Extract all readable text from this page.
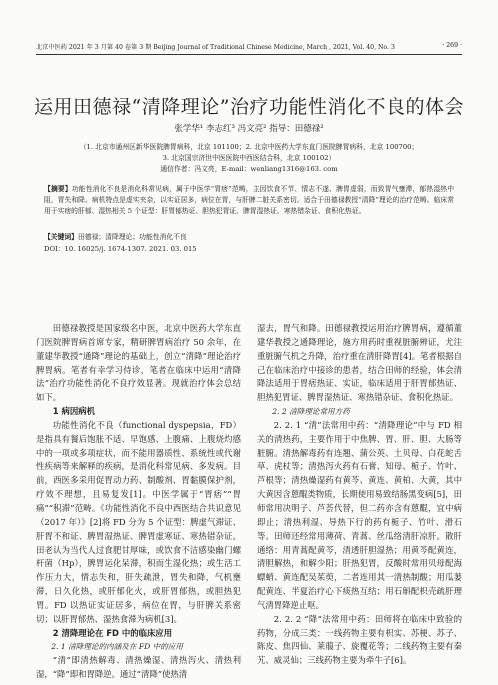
北京中医药 2021 年 3 月第 40 卷第 3 期 Beijing Journal of Traditional Chinese Medicine, March , 2021, Vol. 40, No. 3	· 269 ·
运用田德禄“清降理论”治疗功能性消化不良的体会
张学华¹ 李志红³ 冯文亮² 指导：田德禄²
（1. 北京市通州区新华医院脾胃病科，北京 101100；2. 北京中医药大学东直门医院脾胃病科，北京 100700；
3. 北京国宗济世中医医院中西医结合科，北京 100102）
通信作者：冯文亮，E-mail：wenliang1316@163. com
【摘要】功能性消化不良是消化科常见病，属于中医学“胃痞”范畴，主因饮食不节、情志不遂、脾胃虚弱，而致胃气壅滞，郁热湿热中阻，胃失和降。病机特点是虚实夹杂，以实证居多，病位在胃，与肝脾二脏关系密切。适合于田德禄教授“清降”理论的治疗范畴。临床常用于实痞的肝郁、湿热相关 5 个证型：肝胃郁热证、胆热犯胃证、脾胃湿热证、寒热错杂证、食积化热证。
【关键词】田德禄；清降理论；功能性消化不良
DOI：10. 16025/j. 1674-1307. 2021. 03. 015

田德禄教授是国家级名中医，北京中医药大学东直门医院脾胃病首席专家，精研脾胃病治疗 50 余年，在董建华教授“通降”理论的基础上，创立“清降”理论治疗脾胃病。笔者有幸学习侍诊，笔者在临床中运用“清降法”治疗功能性消化不良疗效显著。现就治疗体会总结如下。

1 病因病机

功能性消化不良（functional dyspepsia，FD）是指具有餐后饱胀不适、早饱感、上腹痛、上腹烧灼感中的一项或多项症状，而不能用器质性、系统性或代谢性疾病等来解释的疾病，是消化科常见病、多发病。目前，西医多采用促胃动力药、制酸剂、胃黏膜保护剂，疗效不理想，且易复发[1]。中医学属于“胃痞”“胃痛”“积滞”范畴。《功能性消化不良中西医结合共识意见（2017 年）》[2]将 FD 分为 5 个证型：脾虚气滞证、肝胃不和证、脾胃湿热证、脾胃虚寒证、寒热错杂证。田老认为当代人过食肥甘厚味，或饮食不洁感染幽门螺杆菌（Hp），脾胃运化呆滞，积而生湿化热；或生活工作压力大，情志失和，肝失疏泄，胃失和降，气机壅滞，日久化热，或肝郁化火，或肝胃郁热，或胆热犯胃。FD 以热证实证居多，病位在胃，与肝脾关系密切；以肝胃郁热、湿热食滞为病机[3]。

2 清降理论在 FD 中的临床应用

2. 1 清降理论的内涵及在 FD 中的应用

“清”即清热解毒、清热燥湿、清热泻火、清热利湿，“降”即和胃降逆。通过“清降”使热清

湿去，胃气和降。田德禄教授运用治疗脾胃病，遵循董建华教授之通降理论，施方用药时重视脏腑辨证，尤注重脏腑气机之升降，治疗重在清肝降胃[4]。笔者根据自己在临床治疗中接诊的患者，结合田师的经验，体会清降法适用于胃痞热证、实证，临床适用于肝胃郁热证、胆热犯胃证、脾胃湿热证、寒热错杂证、食积化热证。

2. 2 清降理论常用方药

2. 2. 1 “清”法常用中药：“清降理论”中与 FD 相关的清热药，主要作用于中焦脾、胃、肝、胆、大肠等脏腑。清热解毒药有连翘、蒲公英、土贝母、白花蛇舌草、虎杖等；清热泻火药有石膏、知母、栀子、竹叶、芦根等；清热燥湿药有黄芩、黄连、黄柏、大黄，其中大黄因含蒽醌类物质，长期使用易致结肠黑变病[5]，田师常用决明子、芦荟代替，但二药亦含有蒽醌，宜中病即止；清热利湿、导热下行的药有栀子、竹叶、滑石等。田师还经常用薄荷、青蒿、丝瓜络清肝凉肝。散肝通络：用青蒿配黄芩，清透肝胆湿热；用黄芩配黄连，清胆解热，和解少阳；肝热犯胃，反酸时常用贝母配海螵蛸、黄连配吴茱萸，二者连用其一清热制酸；用瓜蒌配黄连、半夏治疗心下痰热互结；用石斛配枳壳疏肝理气清胃降逆止呕。

2. 2. 2 “降”法常用中药：田师将在临床中致验的药物，分成三类：一线药物主要有枳实、苏梗、苏子、陈皮、焦四仙、莱菔子、旋覆花等；二线药物主要有秦艽、威灵仙；三线药物主要为牵牛子[6]。
